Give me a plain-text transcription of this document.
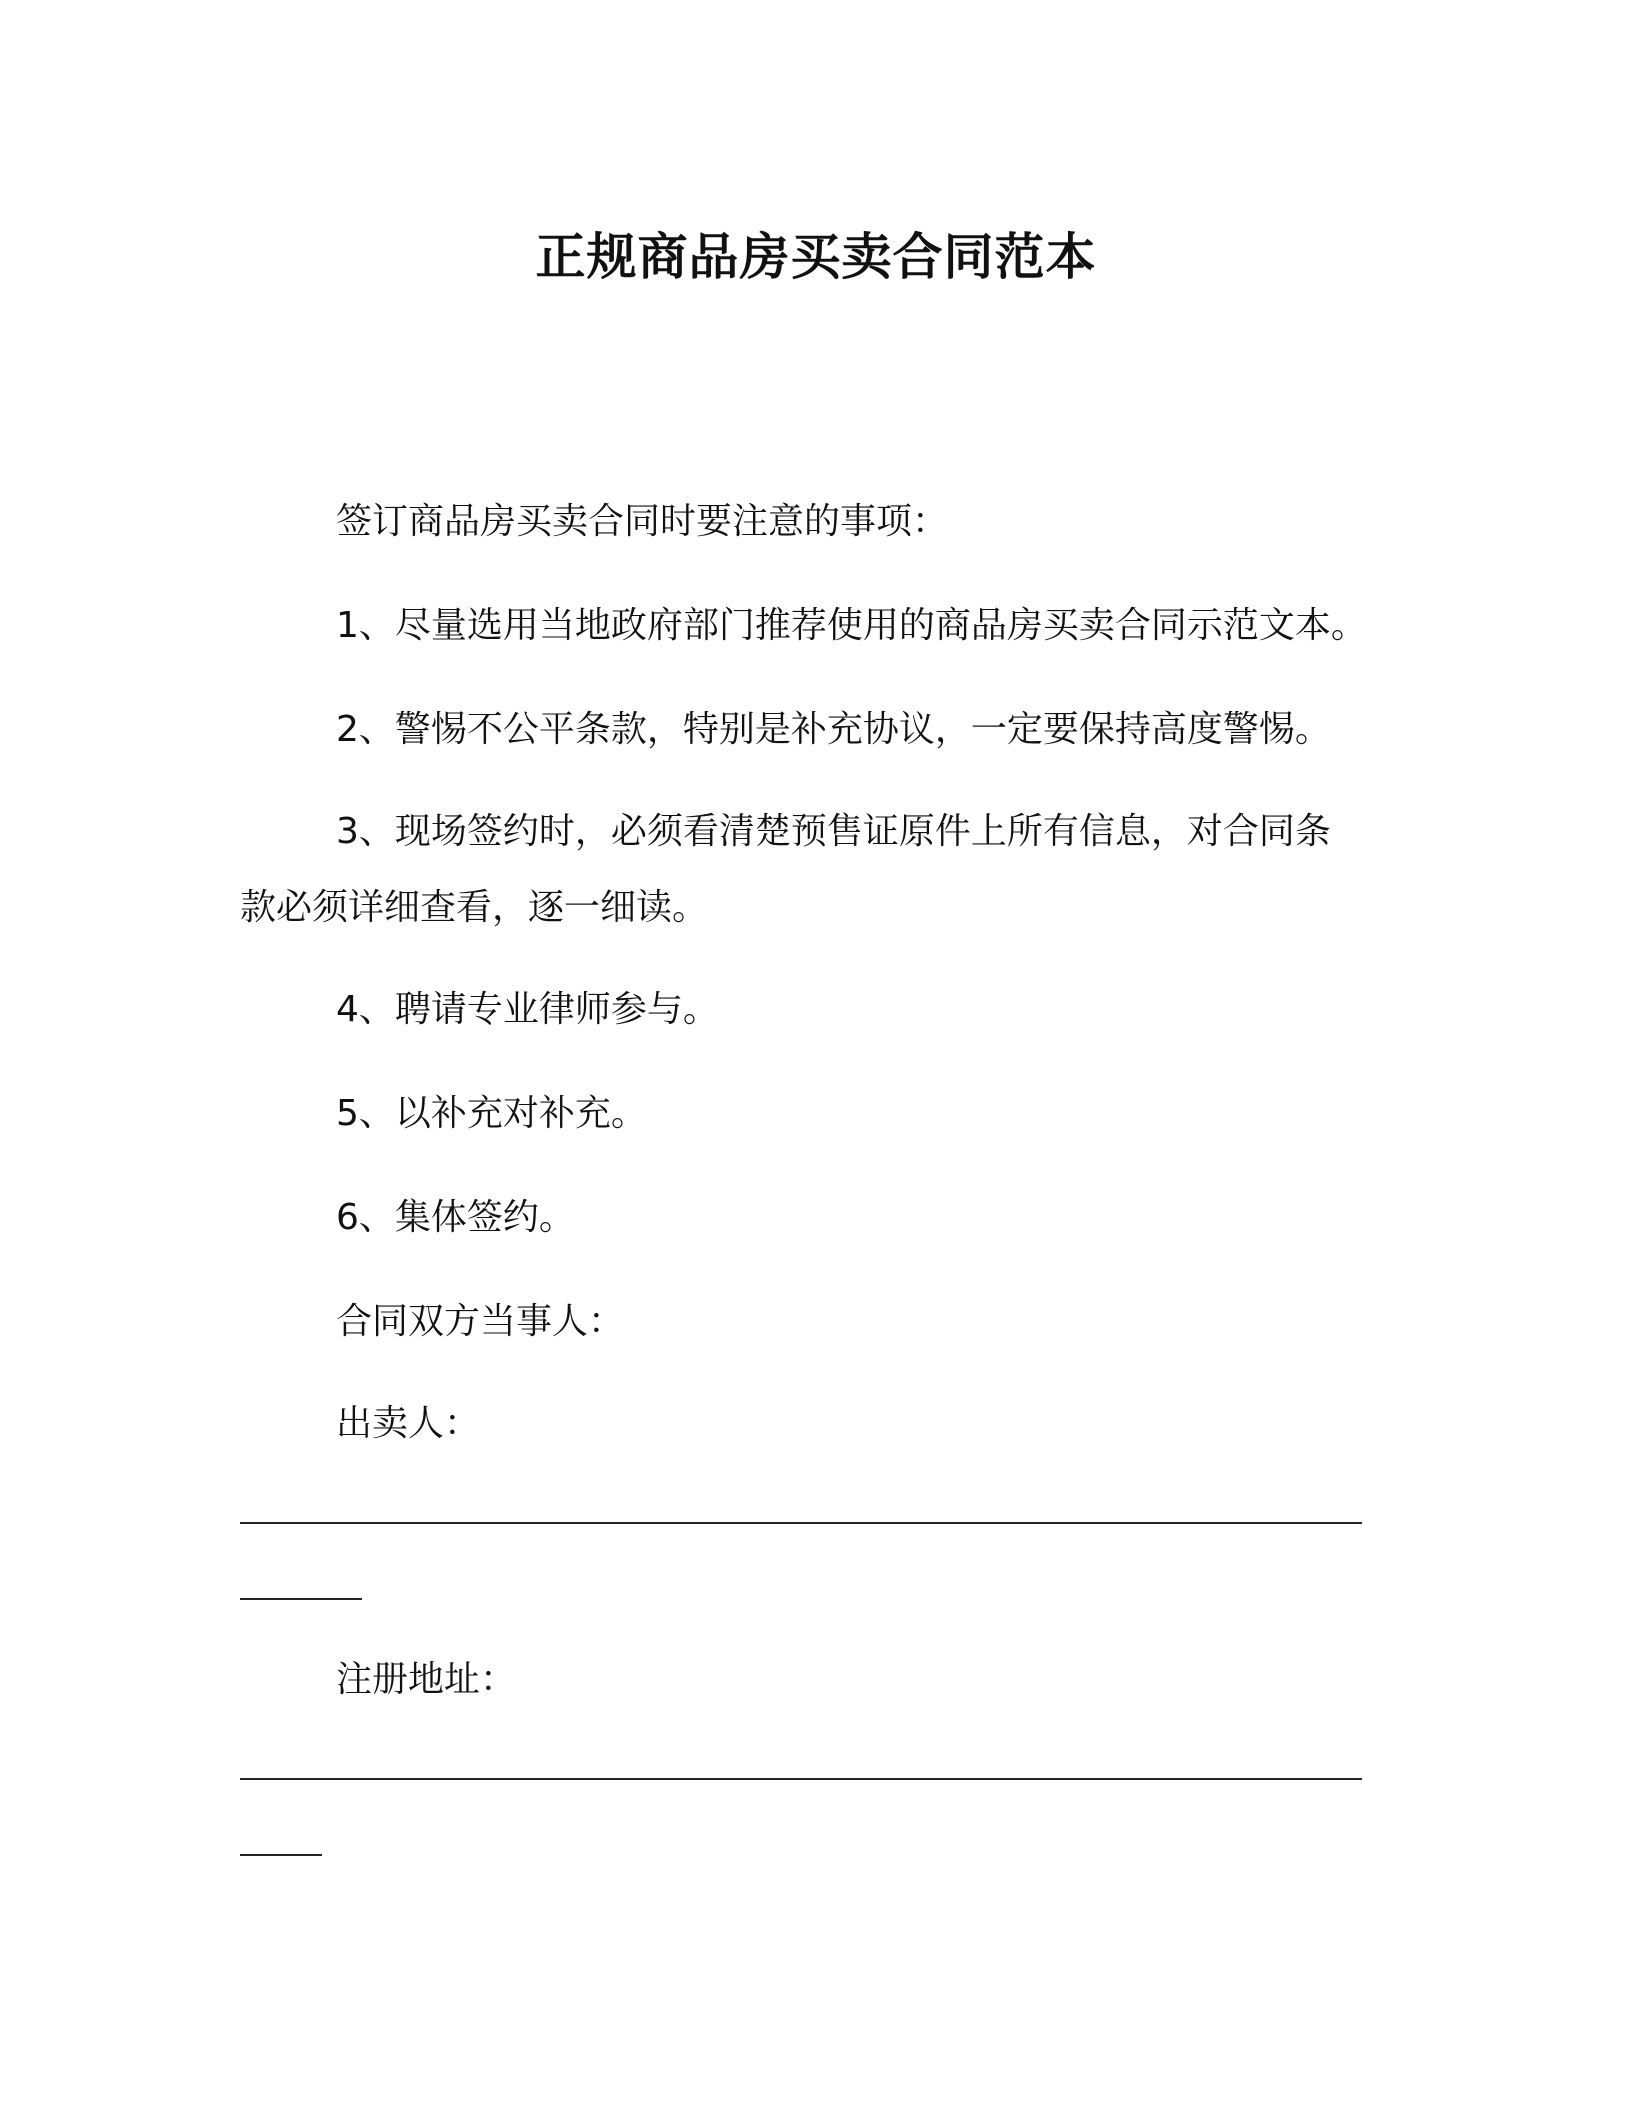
正规商品房买卖合同范本
签订商品房买卖合同时要注意的事项：
1、尽量选用当地政府部门推荐使用的商品房买卖合同示范文本。
2、警惕不公平条款，特别是补充协议，一定要保持高度警惕。
3、现场签约时，必须看清楚预售证原件上所有信息，对合同条
款必须详细查看，逐一细读。
4、聘请专业律师参与。
5、以补充对补充。
6、集体签约。
合同双方当事人：
出卖人：
注册地址：
